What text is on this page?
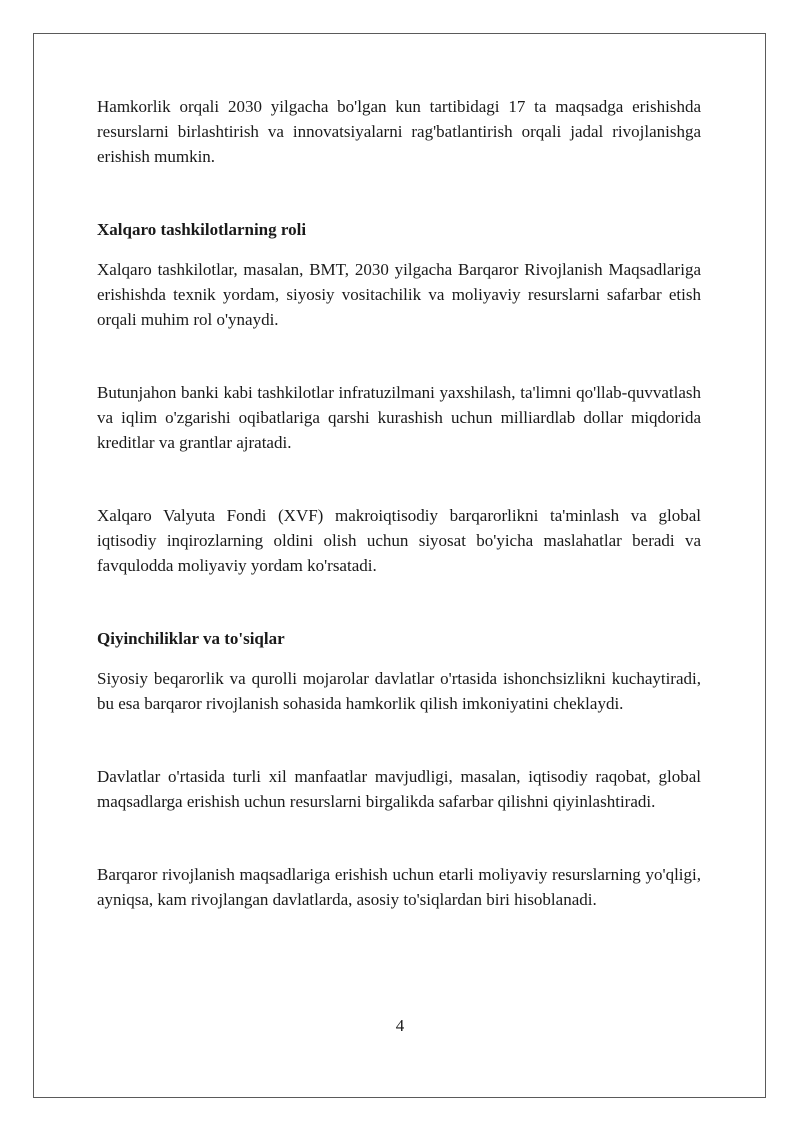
Hamkorlik orqali 2030 yilgacha bo'lgan kun tartibidagi 17 ta maqsadga erishishda resurslarni birlashtirish va innovatsiyalarni rag'batlantirish orqali jadal rivojlanishga erishish mumkin.

Xalqaro tashkilotlarning roli

Xalqaro tashkilotlar, masalan, BMT, 2030 yilgacha Barqaror Rivojlanish Maqsadlariga erishishda texnik yordam, siyosiy vositachilik va moliyaviy resurslarni safarbar etish orqali muhim rol o'ynaydi.

Butunjahon banki kabi tashkilotlar infratuzilmani yaxshilash, ta'limni qo'llab-quvvatlash va iqlim o'zgarishi oqibatlariga qarshi kurashish uchun milliardlab dollar miqdorida kreditlar va grantlar ajratadi.

Xalqaro Valyuta Fondi (XVF) makroiqtisodiy barqarorlikni ta'minlash va global iqtisodiy inqirozlarning oldini olish uchun siyosat bo'yicha maslahatlar beradi va favqulodda moliyaviy yordam ko'rsatadi.

Qiyinchiliklar va to'siqlar

Siyosiy beqarorlik va qurolli mojarolar davlatlar o'rtasida ishonchsizlikni kuchaytiradi, bu esa barqaror rivojlanish sohasida hamkorlik qilish imkoniyatini cheklaydi.

Davlatlar o'rtasida turli xil manfaatlar mavjudligi, masalan, iqtisodiy raqobat, global maqsadlarga erishish uchun resurslarni birgalikda safarbar qilishni qiyinlashtiradi.

Barqaror rivojlanish maqsadlariga erishish uchun etarli moliyaviy resurslarning yo'qligi, ayniqsa, kam rivojlangan davlatlarda, asosiy to'siqlardan biri hisoblanadi.

4
